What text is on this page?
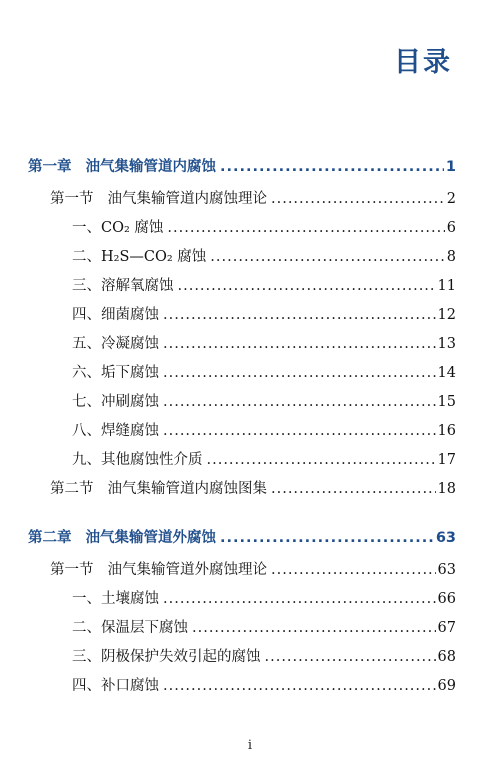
目录
第一章 油气集输管道内腐蚀 .....	1
第一节 油气集输管道内腐蚀理论 .....	2
一、CO₂ 腐蚀 .....	6
二、H₂S—CO₂ 腐蚀 .....	8
三、溶解氧腐蚀 .....	11
四、细菌腐蚀 .....	12
五、冷凝腐蚀 .....	13
六、垢下腐蚀 .....	14
七、冲刷腐蚀 .....	15
八、焊缝腐蚀 .....	16
九、其他腐蚀性介质 .....	17
第二节 油气集输管道内腐蚀图集 .....	18
第二章 油气集输管道外腐蚀 .....	63
第一节 油气集输管道外腐蚀理论 .....	63
一、土壤腐蚀 .....	66
二、保温层下腐蚀 .....	67
三、阴极保护失效引起的腐蚀 .....	68
四、补口腐蚀 .....	69
i
